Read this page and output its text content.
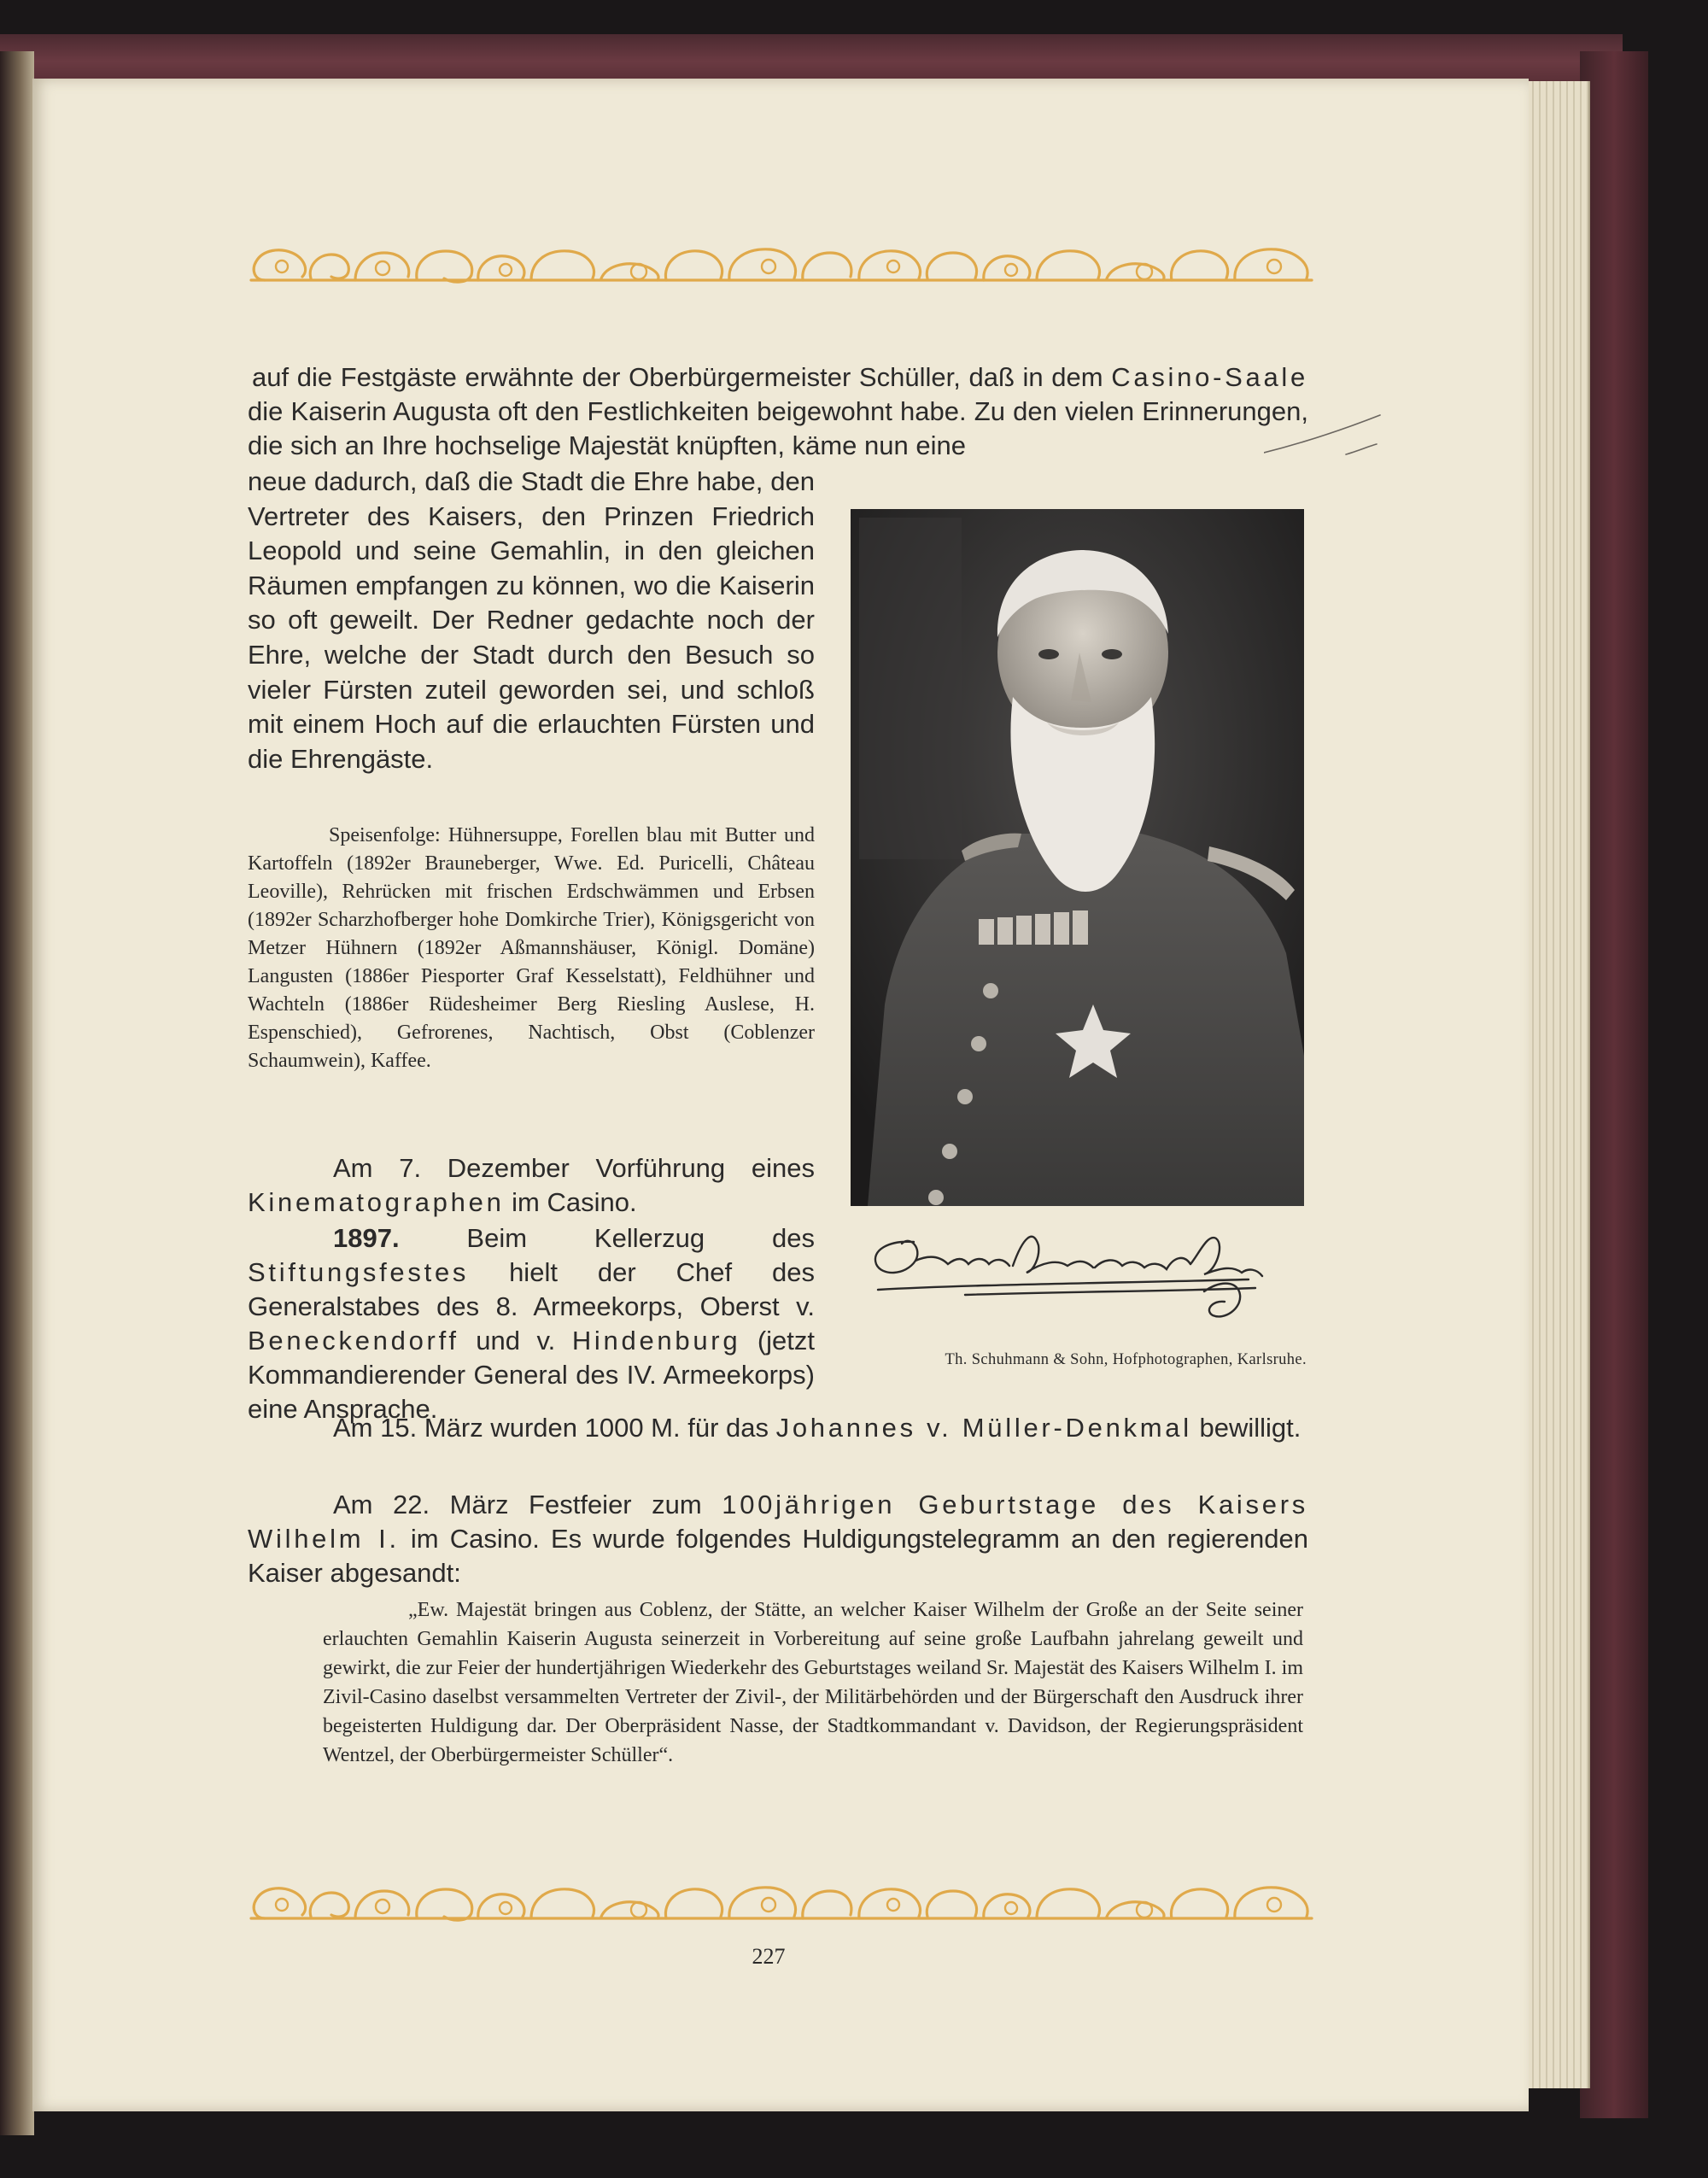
auf die Festgäste erwähnte der Oberbürgermeister Schüller, daß in dem Casino-Saale die Kaiserin Augusta oft den Festlichkeiten beigewohnt habe. Zu den vielen Erinnerungen, die sich an Ihre hochselige Majestät knüpften, käme nun eine

neue dadurch, daß die Stadt die Ehre habe, den Vertreter des Kaisers, den Prinzen Friedrich Leopold und seine Gemahlin, in den gleichen Räumen empfangen zu können, wo die Kaiserin so oft geweilt. Der Redner gedachte noch der Ehre, welche der Stadt durch den Besuch so vieler Fürsten zuteil geworden sei, und schloß mit einem Hoch auf die erlauchten Fürsten und die Ehrengäste.

Speisenfolge: Hühnersuppe, Forellen blau mit Butter und Kartoffeln (1892er Brauneberger, Wwe. Ed. Puricelli, Château Leoville), Rehrücken mit frischen Erdschwämmen und Erbsen (1892er Scharzhofberger hohe Domkirche Trier), Königsgericht von Metzer Hühnern (1892er Aßmannshäuser, Königl. Domäne) Langusten (1886er Piesporter Graf Kesselstatt), Feldhühner und Wachteln (1886er Rüdesheimer Berg Riesling Auslese, H. Espenschied), Gefrorenes, Nachtisch, Obst (Coblenzer Schaumwein), Kaffee.

Am 7. Dezember Vorführung eines Kinematographen im Casino.

1897. Beim Kellerzug des Stiftungsfestes hielt der Chef des Generalstabes des 8. Armeekorps, Oberst v. Beneckendorff und v. Hindenburg (jetzt Kommandierender General des IV. Armeekorps) eine Ansprache.

Am 15. März wurden 1000 M. für das Johannes v. Müller-Denkmal bewilligt.

Am 22. März Festfeier zum 100jährigen Geburtstage des Kaisers Wilhelm I. im Casino. Es wurde folgendes Huldigungstelegramm an den regierenden Kaiser abgesandt:

„Ew. Majestät bringen aus Coblenz, der Stätte, an welcher Kaiser Wilhelm der Große an der Seite seiner erlauchten Gemahlin Kaiserin Augusta seinerzeit in Vorbereitung auf seine große Laufbahn jahrelang geweilt und gewirkt, die zur Feier der hundertjährigen Wiederkehr des Geburtstages weiland Sr. Majestät des Kaisers Wilhelm I. im Zivil-Casino daselbst versammelten Vertreter der Zivil-, der Militärbehörden und der Bürgerschaft den Ausdruck ihrer begeisterten Huldigung dar. Der Oberpräsident Nasse, der Stadtkommandant v. Davidson, der Regierungspräsident Wentzel, der Oberbürgermeister Schüller“.

Th. Schuhmann & Sohn, Hofphotographen, Karlsruhe.

227
